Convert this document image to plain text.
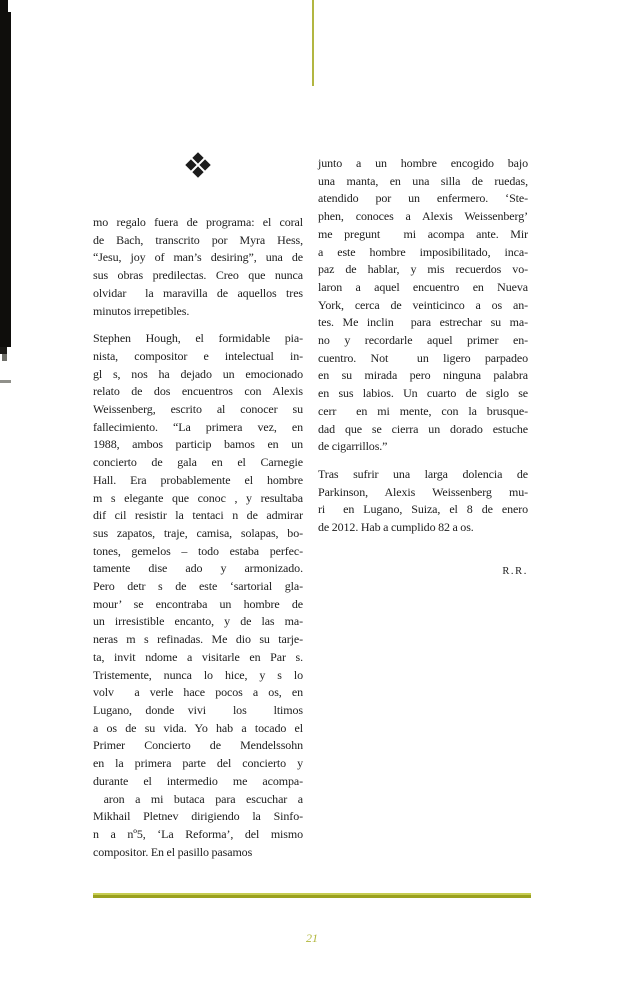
mo regalo fuera de programa: el coral
de Bach, transcrito por Myra Hess,
“Jesu, joy of man’s desiring”, una de
sus obras predilectas. Creo que nunca
olvidar  la maravilla de aquellos tres
minutos irrepetibles.
Stephen Hough, el formidable pia-
nista, compositor e intelectual in-
gl s, nos ha dejado un emocionado
relato de dos encuentros con Alexis
Weissenberg, escrito al conocer su
fallecimiento. “La primera vez, en
1988, ambos particip bamos en un
concierto de gala en el Carnegie
Hall. Era probablemente el hombre
m s elegante que conoc , y resultaba
dif cil resistir la tentaci n de admirar
sus zapatos, traje, camisa, solapas, bo-
tones, gemelos – todo estaba perfec-
tamente dise ado y armonizado.
Pero detr s de este ‘sartorial gla-
mour’ se encontraba un hombre de
un irresistible encanto, y de las ma-
neras m s refinadas. Me dio su tarje-
ta, invit ndome a visitarle en Par s.
Tristemente, nunca lo hice, y s lo
volv  a verle hace pocos a os, en
Lugano, donde vivi  los  ltimos
a os de su vida. Yo hab a tocado el
Primer Concierto de Mendelssohn
en la primera parte del concierto y
durante el intermedio me acompa-
aron a mi butaca para escuchar a
Mikhail Pletnev dirigiendo la Sinfo-
n a nº5, ‘La Reforma’, del mismo
compositor. En el pasillo pasamos
junto a un hombre encogido bajo
una manta, en una silla de ruedas,
atendido por un enfermero. ‘Ste-
phen, conoces a Alexis Weissenberg’
me pregunt  mi acompa ante. Mir
a este hombre imposibilitado, inca-
paz de hablar, y mis recuerdos vo-
laron a aquel encuentro en Nueva
York, cerca de veinticinco a os an-
tes. Me inclin  para estrechar su ma-
no y recordarle aquel primer en-
cuentro. Not  un ligero parpadeo
en su mirada pero ninguna palabra
en sus labios. Un cuarto de siglo se
cerr  en mi mente, con la brusque-
dad que se cierra un dorado estuche
de cigarrillos.”
Tras sufrir una larga dolencia de
Parkinson, Alexis Weissenberg mu-
ri  en Lugano, Suiza, el 8 de enero
de 2012. Hab a cumplido 82 a os.
R.R.
21
